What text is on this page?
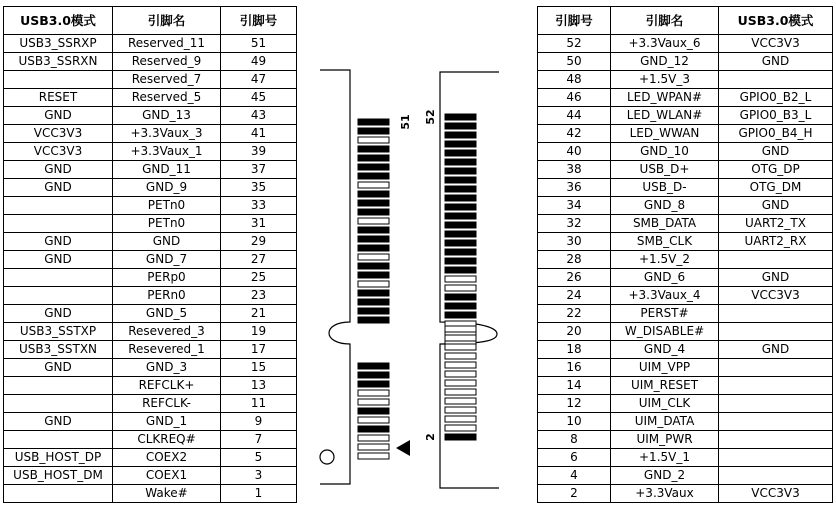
USB3.0模式	引脚名	引脚号
USB3_SSRXP	Reserved_11	51
USB3_SSRXN	Reserved_9	49
	Reserved_7	47
RESET	Reserved_5	45
GND	GND_13	43
VCC3V3	+3.3Vaux_3	41
VCC3V3	+3.3Vaux_1	39
GND	GND_11	37
GND	GND_9	35
	PETn0	33
	PETn0	31
GND	GND	29
GND	GND_7	27
	PERp0	25
	PERn0	23
GND	GND_5	21
USB3_SSTXP	Resevered_3	19
USB3_SSTXN	Resevered_1	17
GND	GND_3	15
	REFCLK+	13
	REFCLK-	11
GND	GND_1	9
	CLKREQ#	7
USB_HOST_DP	COEX2	5
USB_HOST_DM	COEX1	3
	Wake#	1
引脚号	引脚名	USB3.0模式
52	+3.3Vaux_6	VCC3V3
50	GND_12	GND
48	+1.5V_3	
46	LED_WPAN#	GPIO0_B2_L
44	LED_WLAN#	GPIO0_B3_L
42	LED_WWAN	GPIO0_B4_H
40	GND_10	GND
38	USB_D+	OTG_DP
36	USB_D-	OTG_DM
34	GND_8	GND
32	SMB_DATA	UART2_TX
30	SMB_CLK	UART2_RX
28	+1.5V_2	
26	GND_6	GND
24	+3.3Vaux_4	VCC3V3
22	PERST#	
20	W_DISABLE#	
18	GND_4	GND
16	UIM_VPP	
14	UIM_RESET	
12	UIM_CLK	
10	UIM_DATA	
8	UIM_PWR	
6	+1.5V_1	
4	GND_2	
2	+3.3Vaux	VCC3V3
51 52
2
